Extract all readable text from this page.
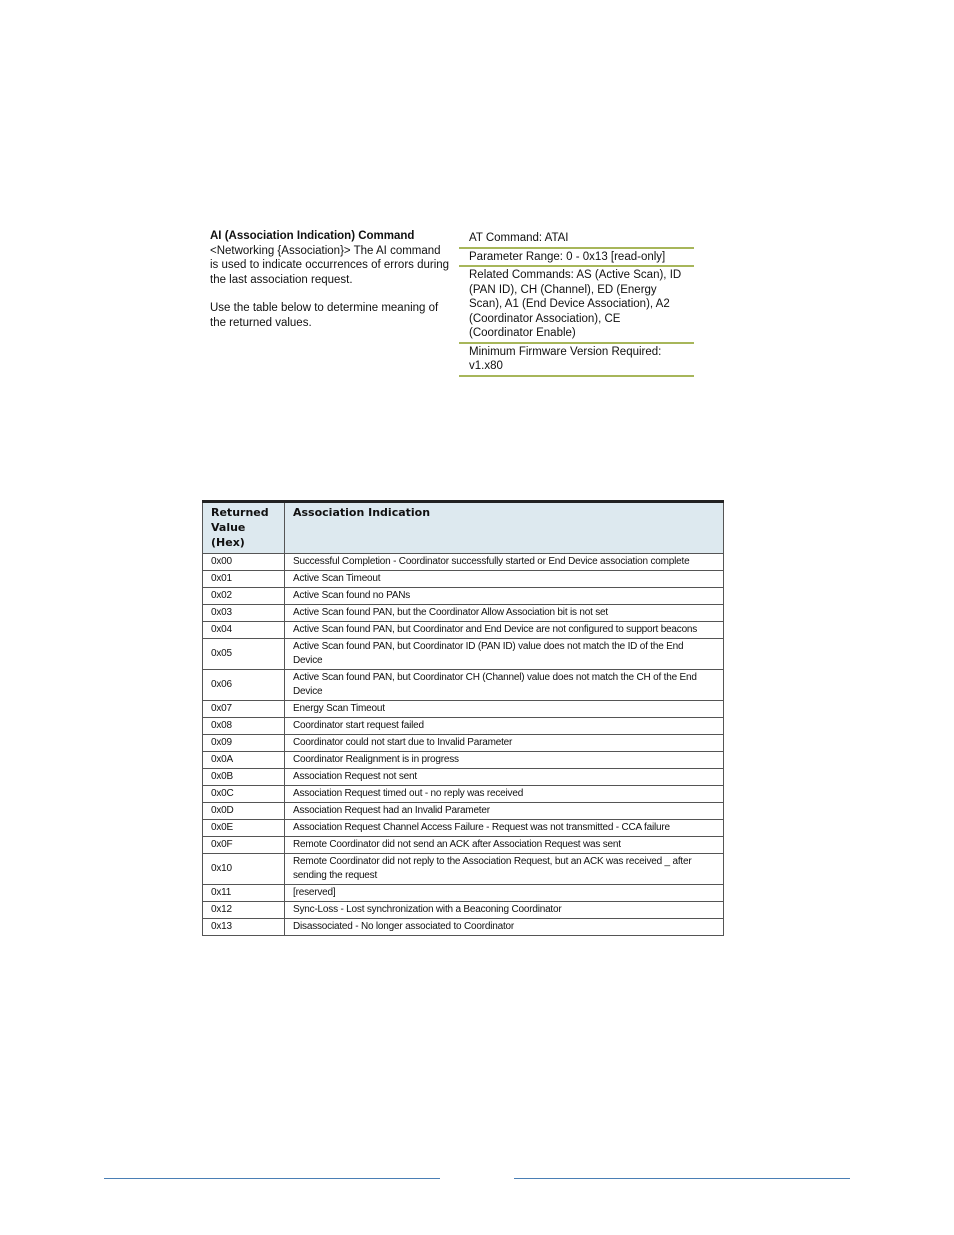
AI (Association Indication) Command
<Networking {Association}> The AI command is used to indicate occurrences of errors during the last association request.

Use the table below to determine meaning of the returned values.

AT Command: ATAI
Parameter Range: 0 - 0x13 [read-only]
Related Commands: AS (Active Scan), ID (PAN ID), CH (Channel), ED (Energy Scan), A1 (End Device Association), A2 (Coordinator Association), CE (Coordinator Enable)
Minimum Firmware Version Required: v1.x80
Returned Value (Hex)	Association Indication
0x00	Successful Completion - Coordinator successfully started or End Device association complete
0x01	Active Scan Timeout
0x02	Active Scan found no PANs
0x03	Active Scan found PAN, but the Coordinator Allow Association bit is not set
0x04	Active Scan found PAN, but Coordinator and End Device are not configured to support beacons
0x05	Active Scan found PAN, but Coordinator ID (PAN ID) value does not match the ID of the End Device
0x06	Active Scan found PAN, but Coordinator CH (Channel) value does not match the CH of the End Device
0x07	Energy Scan Timeout
0x08	Coordinator start request failed
0x09	Coordinator could not start due to Invalid Parameter
0x0A	Coordinator Realignment is in progress
0x0B	Association Request not sent
0x0C	Association Request timed out - no reply was received
0x0D	Association Request had an Invalid Parameter
0x0E	Association Request Channel Access Failure - Request was not transmitted - CCA failure
0x0F	Remote Coordinator did not send an ACK after Association Request was sent
0x10	Remote Coordinator did not reply to the Association Request, but an ACK was received _ after sending the request
0x11	[reserved]
0x12	Sync-Loss - Lost synchronization with a Beaconing Coordinator
0x13	Disassociated - No longer associated to Coordinator
